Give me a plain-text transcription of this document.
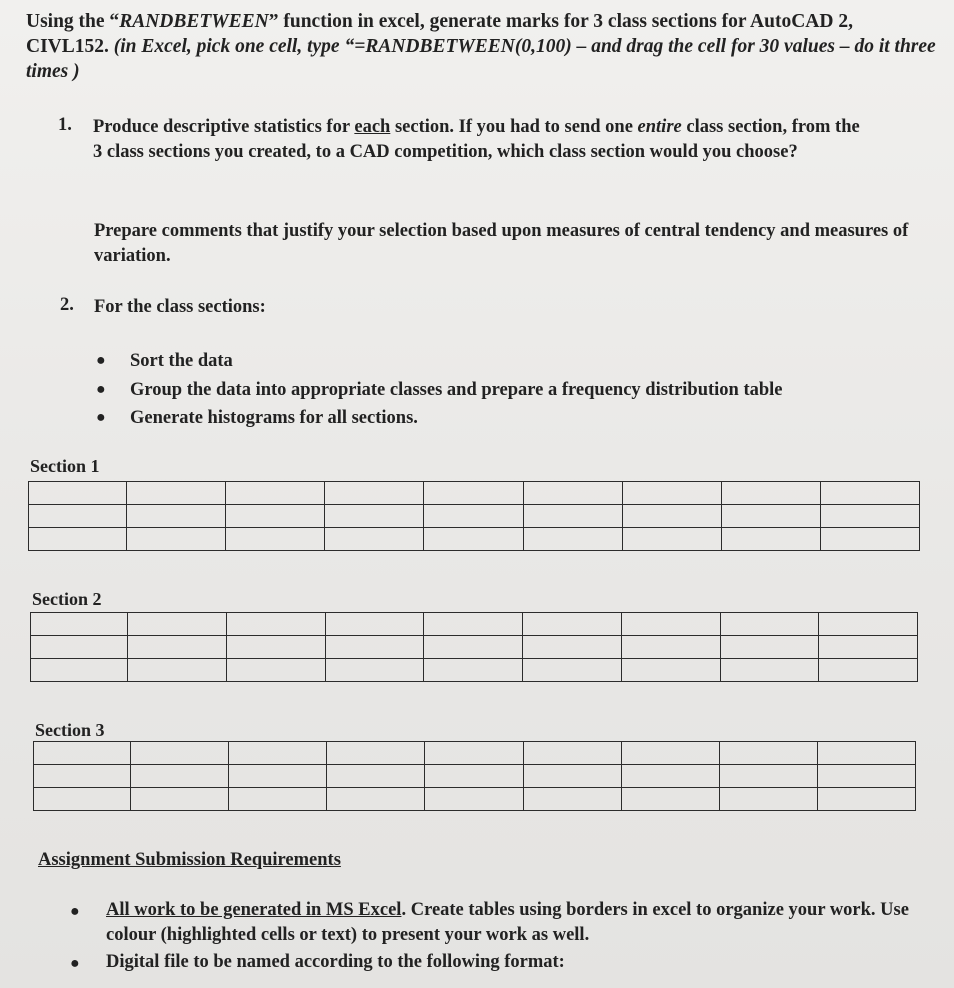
Using the “RANDBETWEEN” function in excel, generate marks for 3 class sections for AutoCAD 2, CIVL152. (in Excel, pick one cell, type “=RANDBETWEEN(0,100) – and drag the cell for 30 values – do it three times )
1. Produce descriptive statistics for each section. If you had to send one entire class section, from the 3 class sections you created, to a CAD competition, which class section would you choose?
Prepare comments that justify your selection based upon measures of central tendency and measures of variation.
2. For the class sections:
● Sort the data
● Group the data into appropriate classes and prepare a frequency distribution table
● Generate histograms for all sections.
Section 1

Section 2

Section 3

Assignment Submission Requirements
● All work to be generated in MS Excel. Create tables using borders in excel to organize your work. Use colour (highlighted cells or text) to present your work as well.
● Digital file to be named according to the following format:
